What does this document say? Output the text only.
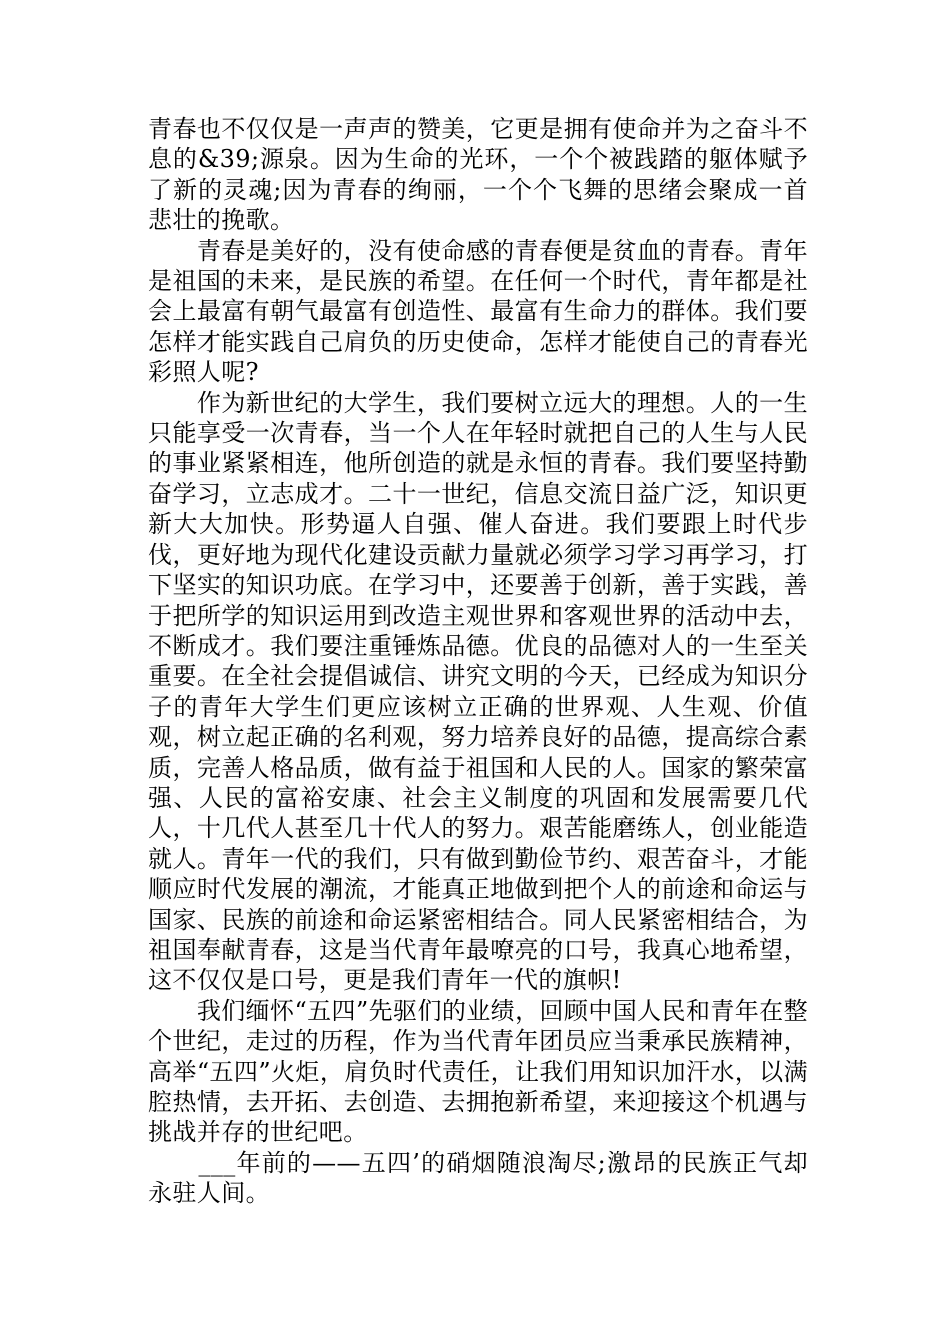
青春也不仅仅是一声声的赞美，它更是拥有使命并为之奋斗不息的&39;源泉。因为生命的光环，一个个被践踏的躯体赋予了新的灵魂;因为青春的绚丽，一个个飞舞的思绪会聚成一首悲壮的挽歌。

　　青春是美好的，没有使命感的青春便是贫血的青春。青年是祖国的未来，是民族的希望。在任何一个时代，青年都是社会上最富有朝气最富有创造性、最富有生命力的群体。我们要怎样才能实践自己肩负的历史使命，怎样才能使自己的青春光彩照人呢?

　　作为新世纪的大学生，我们要树立远大的理想。人的一生只能享受一次青春，当一个人在年轻时就把自己的人生与人民的事业紧紧相连，他所创造的就是永恒的青春。我们要坚持勤奋学习，立志成才。二十一世纪，信息交流日益广泛，知识更新大大加快。形势逼人自强、催人奋进。我们要跟上时代步伐，更好地为现代化建设贡献力量就必须学习学习再学习，打下坚实的知识功底。在学习中，还要善于创新，善于实践，善于把所学的知识运用到改造主观世界和客观世界的活动中去，不断成才。我们要注重锤炼品德。优良的品德对人的一生至关重要。在全社会提倡诚信、讲究文明的今天，已经成为知识分子的青年大学生们更应该树立正确的世界观、人生观、价值观，树立起正确的名利观，努力培养良好的品德，提高综合素质，完善人格品质，做有益于祖国和人民的人。国家的繁荣富强、人民的富裕安康、社会主义制度的巩固和发展需要几代人，十几代人甚至几十代人的努力。艰苦能磨练人，创业能造就人。青年一代的我们，只有做到勤俭节约、艰苦奋斗，才能顺应时代发展的潮流，才能真正地做到把个人的前途和命运与国家、民族的前途和命运紧密相结合。同人民紧密相结合，为祖国奉献青春，这是当代青年最嘹亮的口号，我真心地希望，这不仅仅是口号，更是我们青年一代的旗帜!

　　我们缅怀“五四”先驱们的业绩，回顾中国人民和青年在整个世纪，走过的历程，作为当代青年团员应当秉承民族精神，高举“五四”火炬，肩负时代责任，让我们用知识加汗水，以满腔热情，去开拓、去创造、去拥抱新希望，来迎接这个机遇与挑战并存的世纪吧。

　　___年前的——五四’的硝烟随浪淘尽;激昂的民族正气却永驻人间。
